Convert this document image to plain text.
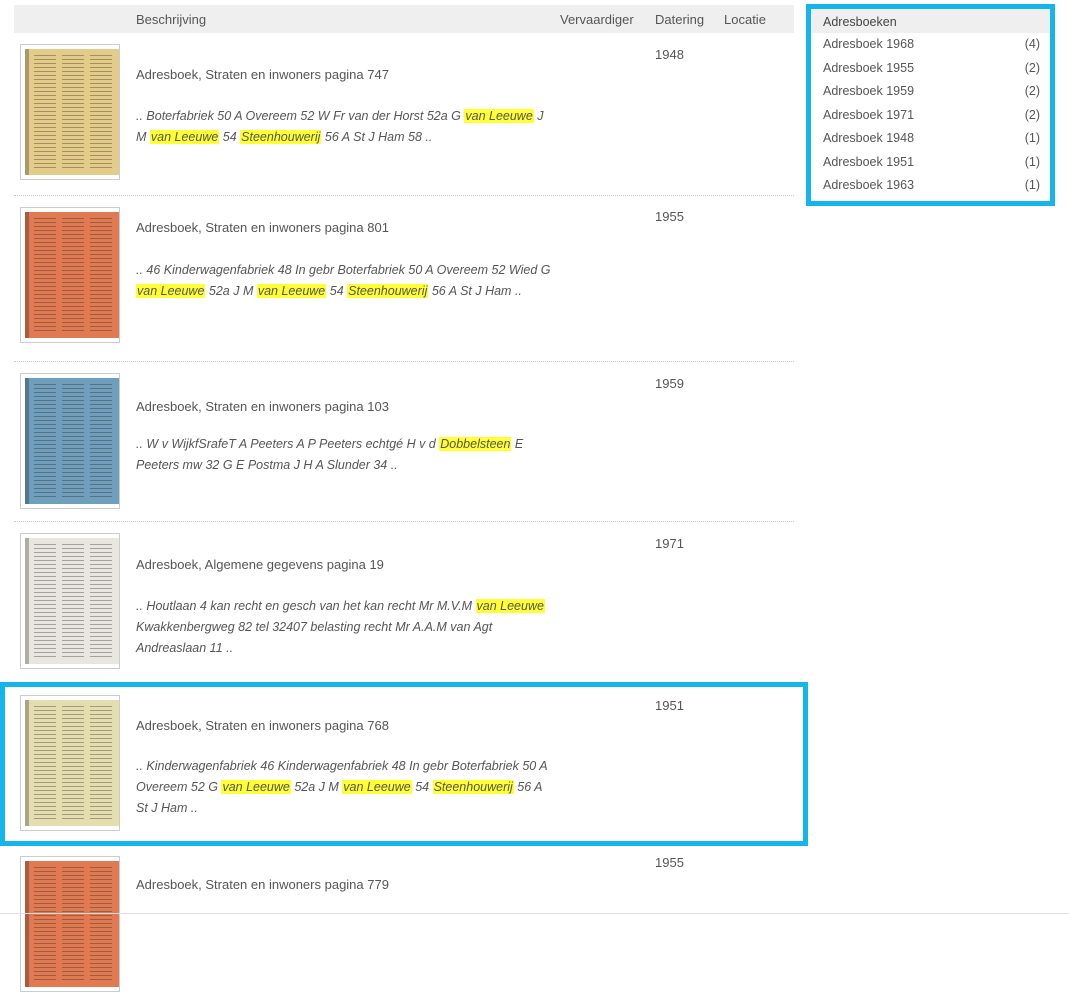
Beschrijving	Vervaardiger Datering Locatie
Adresboek, Straten en inwoners pagina 747
.. Boterfabriek 50 A Overeem 52 W Fr van der Horst 52a G van Leeuwe J M van Leeuwe 54 Steenhouwerij 56 A St J Ham 58 ..
1948
Adresboek, Straten en inwoners pagina 801
.. 46 Kinderwagenfabriek 48 In gebr Boterfabriek 50 A Overeem 52 Wied G van Leeuwe 52a J M van Leeuwe 54 Steenhouwerij 56 A St J Ham ..
1955
Adresboek, Straten en inwoners pagina 103
.. W v WijkfSrafeT A Peeters A P Peeters echtgé H v d Dobbelsteen E Peeters mw 32 G E Postma J H A Slunder 34 ..
1959
Adresboek, Algemene gegevens pagina 19
.. Houtlaan 4 kan recht en gesch van het kan recht Mr M.V.M van Leeuwe Kwakkenbergweg 82 tel 32407 belasting recht Mr A.A.M van Agt Andreaslaan 11 ..
1971
Adresboek, Straten en inwoners pagina 768
.. Kinderwagenfabriek 46 Kinderwagenfabriek 48 In gebr Boterfabriek 50 A Overeem 52 G van Leeuwe 52a J M van Leeuwe 54 Steenhouwerij 56 A St J Ham ..
1951
Adresboek, Straten en inwoners pagina 779
1955
Adresboeken
Adresboek 1968	(4)
Adresboek 1955	(2)
Adresboek 1959	(2)
Adresboek 1971	(2)
Adresboek 1948	(1)
Adresboek 1951	(1)
Adresboek 1963	(1)
